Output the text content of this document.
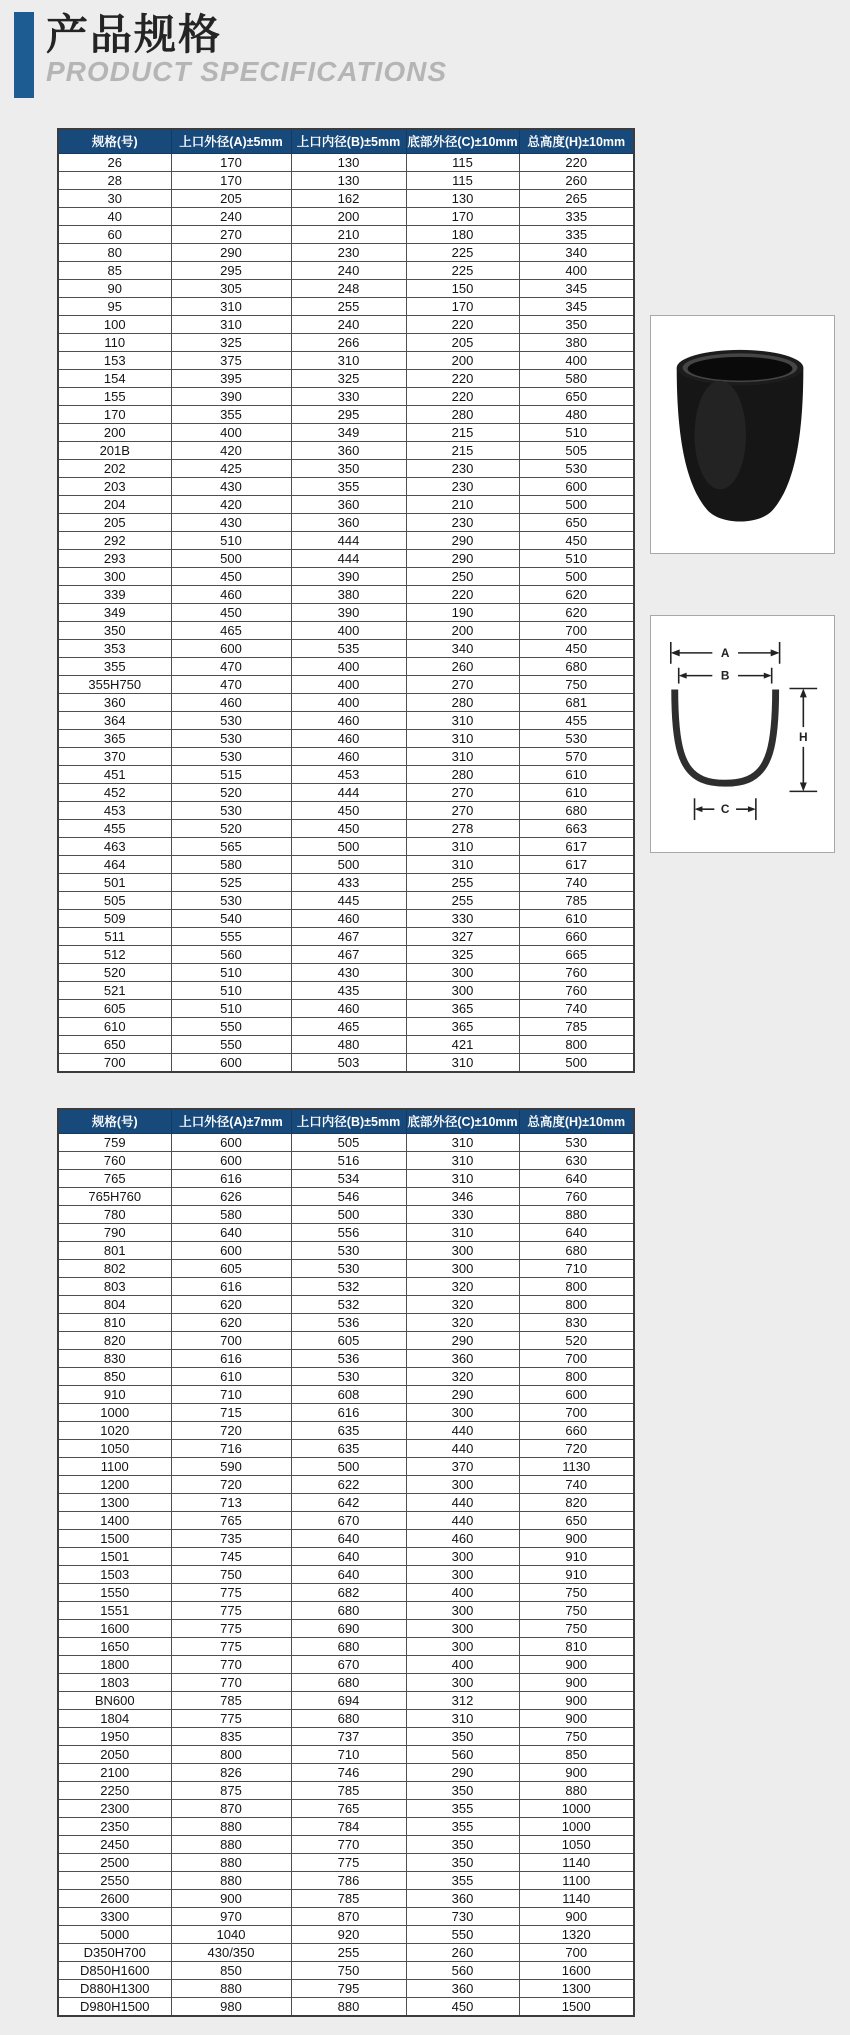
产品规格
PRODUCT SPECIFICATIONS
规格(号)	上口外径(A)±5mm	上口内径(B)±5mm	底部外径(C)±10mm	总高度(H)±10mm
26	170	130	115	220
28	170	130	115	260
30	205	162	130	265
40	240	200	170	335
60	270	210	180	335
80	290	230	225	340
85	295	240	225	400
90	305	248	150	345
95	310	255	170	345
100	310	240	220	350
110	325	266	205	380
153	375	310	200	400
154	395	325	220	580
155	390	330	220	650
170	355	295	280	480
200	400	349	215	510
201B	420	360	215	505
202	425	350	230	530
203	430	355	230	600
204	420	360	210	500
205	430	360	230	650
292	510	444	290	450
293	500	444	290	510
300	450	390	250	500
339	460	380	220	620
349	450	390	190	620
350	465	400	200	700
353	600	535	340	450
355	470	400	260	680
355H750	470	400	270	750
360	460	400	280	681
364	530	460	310	455
365	530	460	310	530
370	530	460	310	570
451	515	453	280	610
452	520	444	270	610
453	530	450	270	680
455	520	450	278	663
463	565	500	310	617
464	580	500	310	617
501	525	433	255	740
505	530	445	255	785
509	540	460	330	610
511	555	467	327	660
512	560	467	325	665
520	510	430	300	760
521	510	435	300	760
605	510	460	365	740
610	550	465	365	785
650	550	480	421	800
700	600	503	310	500
规格(号)	上口外径(A)±7mm	上口内径(B)±5mm	底部外径(C)±10mm	总高度(H)±10mm
759	600	505	310	530
760	600	516	310	630
765	616	534	310	640
765H760	626	546	346	760
780	580	500	330	880
790	640	556	310	640
801	600	530	300	680
802	605	530	300	710
803	616	532	320	800
804	620	532	320	800
810	620	536	320	830
820	700	605	290	520
830	616	536	360	700
850	610	530	320	800
910	710	608	290	600
1000	715	616	300	700
1020	720	635	440	660
1050	716	635	440	720
1100	590	500	370	1130
1200	720	622	300	740
1300	713	642	440	820
1400	765	670	440	650
1500	735	640	460	900
1501	745	640	300	910
1503	750	640	300	910
1550	775	682	400	750
1551	775	680	300	750
1600	775	690	300	750
1650	775	680	300	810
1800	770	670	400	900
1803	770	680	300	900
BN600	785	694	312	900
1804	775	680	310	900
1950	835	737	350	750
2050	800	710	560	850
2100	826	746	290	900
2250	875	785	350	880
2300	870	765	355	1000
2350	880	784	355	1000
2450	880	770	350	1050
2500	880	775	350	1140
2550	880	786	355	1100
2600	900	785	360	1140
3300	970	870	730	900
5000	1040	920	550	1320
D350H700	430/350	255	260	700
D850H1600	850	750	560	1600
D880H1300	880	795	360	1300
D980H1500	980	880	450	1500
A
B
H
C
